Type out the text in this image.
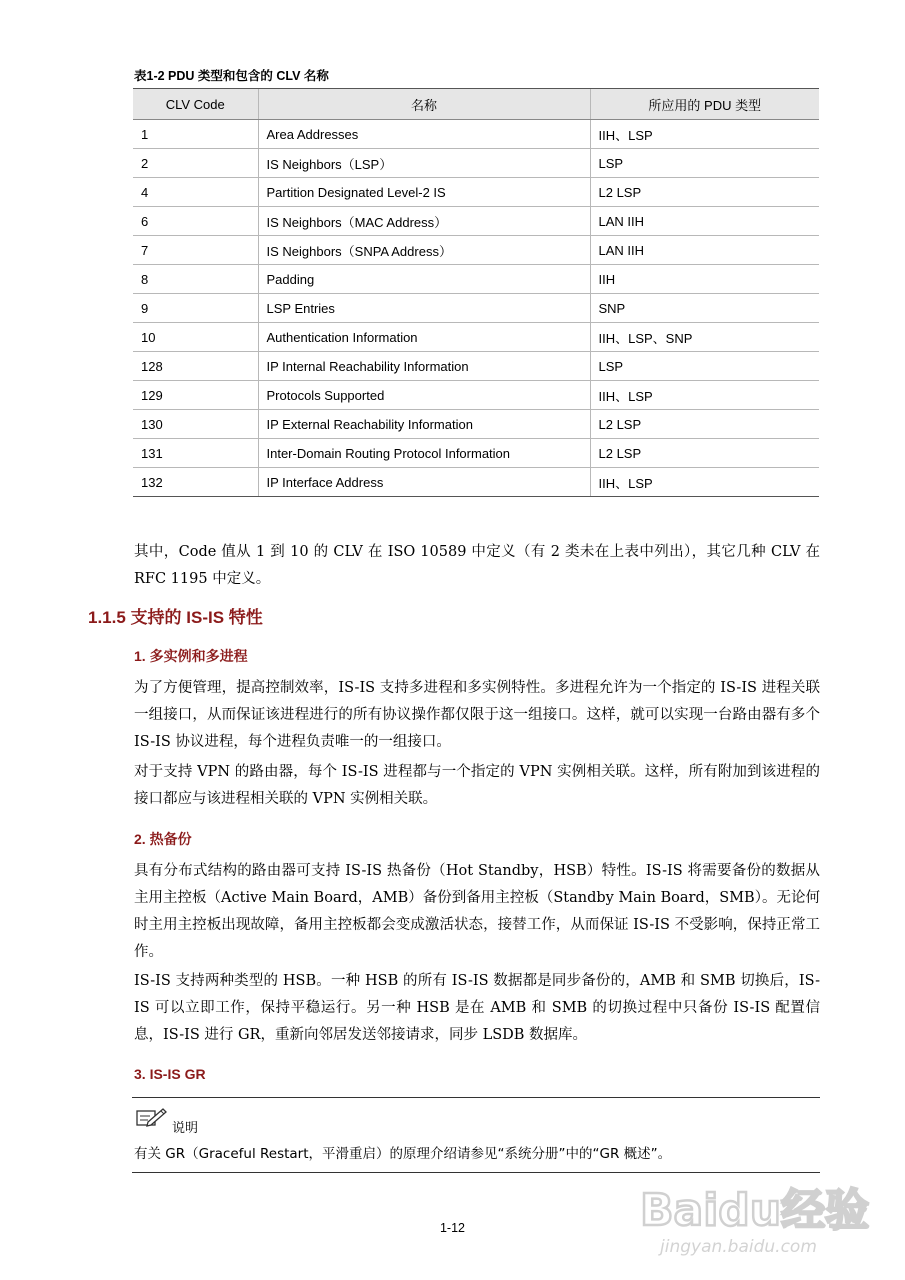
表1-2 PDU 类型和包含的 CLV 名称
CLV Code	名称	所应用的 PDU 类型
1	Area Addresses	IIH、LSP
2	IS Neighbors（LSP）	LSP
4	Partition Designated Level-2 IS	L2 LSP
6	IS Neighbors（MAC Address）	LAN IIH
7	IS Neighbors（SNPA Address）	LAN IIH
8	Padding	IIH
9	LSP Entries	SNP
10	Authentication Information	IIH、LSP、SNP
128	IP Internal Reachability Information	LSP
129	Protocols Supported	IIH、LSP
130	IP External Reachability Information	L2 LSP
131	Inter-Domain Routing Protocol Information	L2 LSP
132	IP Interface Address	IIH、LSP

其中，Code 值从 1 到 10 的 CLV 在 ISO 10589 中定义（有 2 类未在上表中列出），其它几种 CLV 在 RFC 1195 中定义。

1.1.5 支持的 IS-IS 特性
1. 多实例和多进程

为了方便管理，提高控制效率，IS-IS 支持多进程和多实例特性。多进程允许为一个指定的 IS-IS 进程关联一组接口，从而保证该进程进行的所有协议操作都仅限于这一组接口。这样，就可以实现一台路由器有多个 IS-IS 协议进程，每个进程负责唯一的一组接口。

对于支持 VPN 的路由器，每个 IS-IS 进程都与一个指定的 VPN 实例相关联。这样，所有附加到该进程的接口都应与该进程相关联的 VPN 实例相关联。

2. 热备份

具有分布式结构的路由器可支持 IS-IS 热备份（Hot Standby，HSB）特性。IS-IS 将需要备份的数据从主用主控板（Active Main Board，AMB）备份到备用主控板（Standby Main Board，SMB）。无论何时主用主控板出现故障，备用主控板都会变成激活状态，接替工作，从而保证 IS-IS 不受影响，保持正常工作。

IS-IS 支持两种类型的 HSB。一种 HSB 的所有 IS-IS 数据都是同步备份的，AMB 和 SMB 切换后，IS-IS 可以立即工作，保持平稳运行。另一种 HSB 是在 AMB 和 SMB 的切换过程中只备份 IS-IS 配置信息，IS-IS 进行 GR，重新向邻居发送邻接请求，同步 LSDB 数据库。

3. IS-IS GR
说明

有关 GR（Graceful Restart，平滑重启）的原理介绍请参见“系统分册”中的“GR 概述”。

1-12	Baidu经验
jingyan.baidu.com
